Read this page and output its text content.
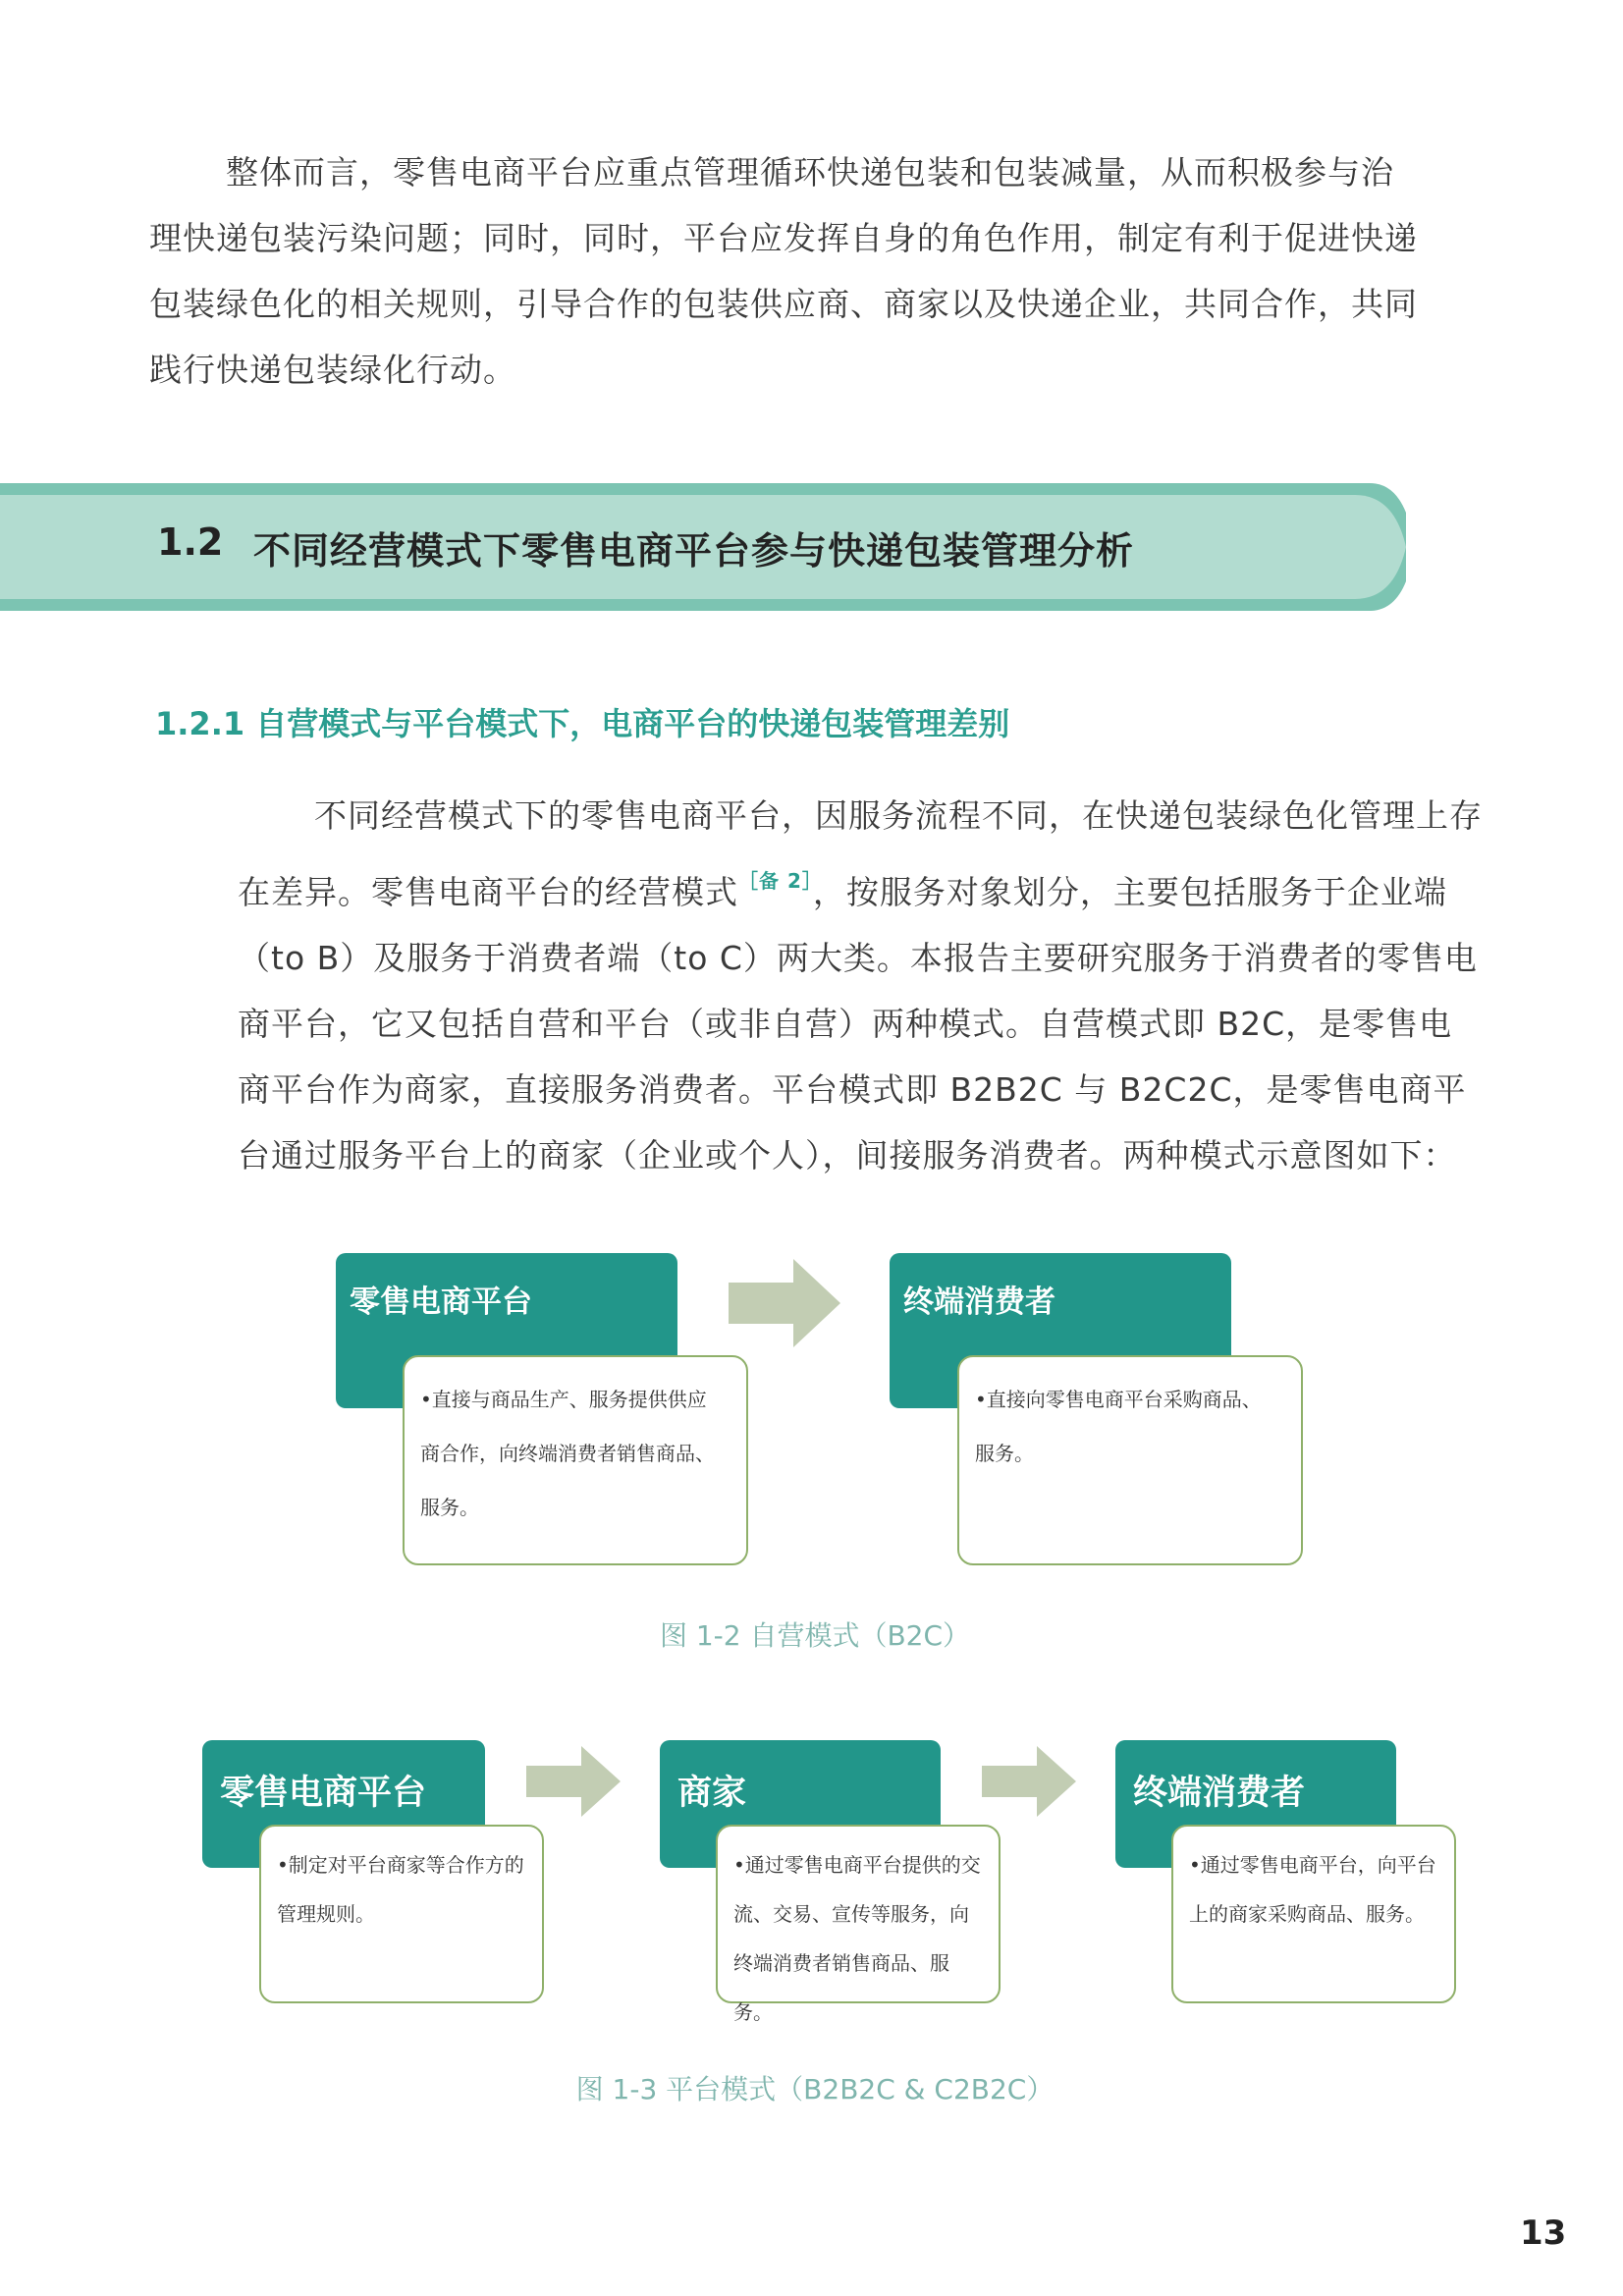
整体而言，零售电商平台应重点管理循环快递包装和包装减量，从而积极参与治理快递包装污染问题；同时，同时，平台应发挥自身的角色作用，制定有利于促进快递包装绿色化的相关规则，引导合作的包装供应商、商家以及快递企业，共同合作，共同践行快递包装绿化行动。

1.2 不同经营模式下零售电商平台参与快递包装管理分析
1.2.1 自营模式与平台模式下，电商平台的快递包装管理差别

不同经营模式下的零售电商平台，因服务流程不同，在快递包装绿色化管理上存在差异。零售电商平台的经营模式$^{[备 2]}$，按服务对象划分，主要包括服务于企业端（to B）及服务于消费者端（to C）两大类。本报告主要研究服务于消费者的零售电商平台，它又包括自营和平台（或非自营）两种模式。自营模式即 B2C，是零售电商平台作为商家，直接服务消费者。平台模式即 B2B2C 与 B2C2C，是零售电商平台通过服务平台上的商家（企业或个人），间接服务消费者。两种模式示意图如下：

零售电商平台

•直接与商品生产、服务提供供应

商合作，向终端消费者销售商品、

服务。

终端消费者

•直接向零售电商平台采购商品、

服务。

图 1-2 自营模式（B2C）
零售电商平台

•制定对平台商家等合作方的

管理规则。

商家

•通过零售电商平台提供的交

流、交易、宣传等服务，向

终端消费者销售商品、服务。

终端消费者

•通过零售电商平台，向平台

上的商家采购商品、服务。

图 1-3 平台模式（B2B2C & C2B2C）
13
